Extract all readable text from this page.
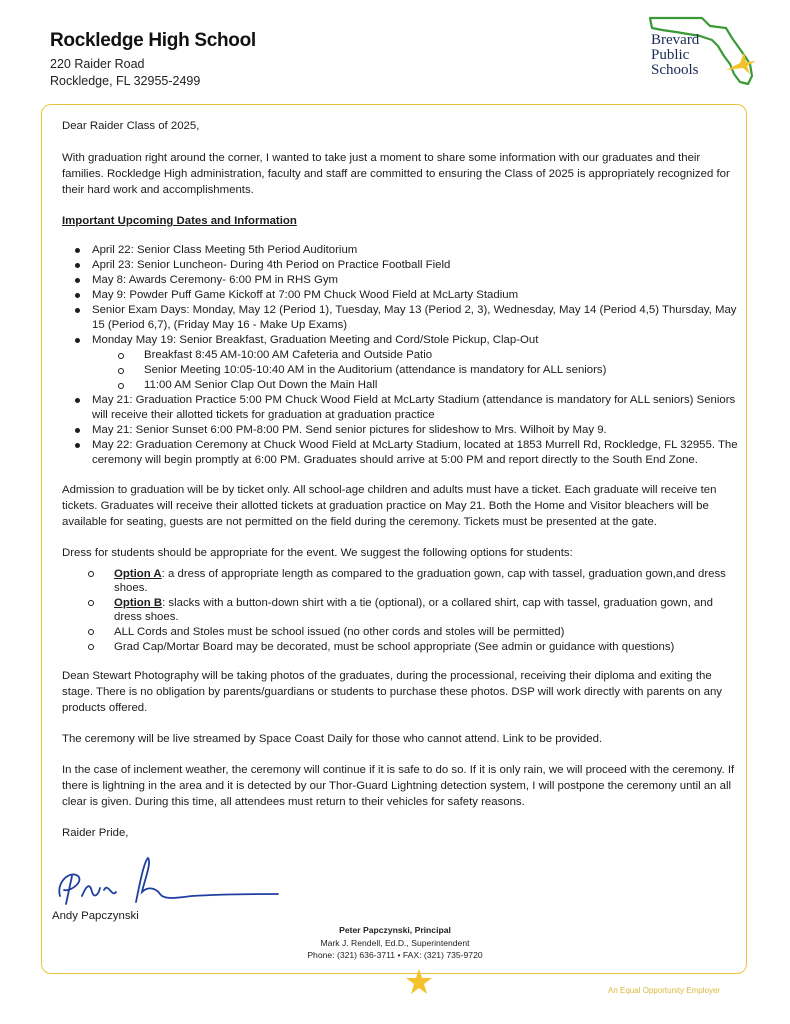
Rockledge High School
220 Raider Road
Rockledge, FL 32955-2499
Brevard
Public
Schools

Dear Raider Class of 2025,

With graduation right around the corner, I wanted to take just a moment to share some information with our graduates and their families. Rockledge High administration, faculty and staff are committed to ensuring the Class of 2025 is appropriately recognized for their hard work and accomplishments.

Important Upcoming Dates and Information

April 22: Senior Class Meeting 5th Period Auditorium
April 23: Senior Luncheon- During 4th Period on Practice Football Field
May 8: Awards Ceremony- 6:00 PM in RHS Gym
May 9: Powder Puff Game Kickoff at 7:00 PM Chuck Wood Field at McLarty Stadium
Senior Exam Days: Monday, May 12 (Period 1), Tuesday, May 13 (Period 2, 3), Wednesday, May 14 (Period 4,5) Thursday, May 15 (Period 6,7), (Friday May 16 - Make Up Exams)
Monday May 19: Senior Breakfast, Graduation Meeting and Cord/Stole Pickup, Clap-Out
Breakfast 8:45 AM-10:00 AM Cafeteria and Outside Patio
Senior Meeting 10:05-10:40 AM in the Auditorium (attendance is mandatory for ALL seniors)
11:00 AM Senior Clap Out Down the Main Hall
May 21: Graduation Practice 5:00 PM Chuck Wood Field at McLarty Stadium (attendance is mandatory for ALL seniors) Seniors will receive their allotted tickets for graduation at graduation practice
May 21: Senior Sunset 6:00 PM-8:00 PM. Send senior pictures for slideshow to Mrs. Wilhoit by May 9.
May 22: Graduation Ceremony at Chuck Wood Field at McLarty Stadium, located at 1853 Murrell Rd, Rockledge, FL 32955. The ceremony will begin promptly at 6:00 PM. Graduates should arrive at 5:00 PM and report directly to the South End Zone.

Admission to graduation will be by ticket only. All school-age children and adults must have a ticket. Each graduate will receive ten tickets. Graduates will receive their allotted tickets at graduation practice on May 21. Both the Home and Visitor bleachers will be available for seating, guests are not permitted on the field during the ceremony. Tickets must be presented at the gate.

Dress for students should be appropriate for the event. We suggest the following options for students:

Option A: a dress of appropriate length as compared to the graduation gown, cap with tassel, graduation gown,and dress shoes.
Option B: slacks with a button-down shirt with a tie (optional), or a collared shirt, cap with tassel, graduation gown, and dress shoes.
ALL Cords and Stoles must be school issued (no other cords and stoles will be permitted)
Grad Cap/Mortar Board may be decorated, must be school appropriate (See admin or guidance with questions)

Dean Stewart Photography will be taking photos of the graduates, during the processional, receiving their diploma and exiting the stage. There is no obligation by parents/guardians or students to purchase these photos. DSP will work directly with parents on any products offered.

The ceremony will be live streamed by Space Coast Daily for those who cannot attend. Link to be provided.

In the case of inclement weather, the ceremony will continue if it is safe to do so. If it is only rain, we will proceed with the ceremony. If there is lightning in the area and it is detected by our Thor-Guard Lightning detection system, I will postpone the ceremony until an all clear is given. During this time, all attendees must return to their vehicles for safety reasons.

Raider Pride,

Andy Papczynski
Peter Papczynski, Principal
Mark J. Rendell, Ed.D., Superintendent
Phone: (321) 636-3711 • FAX: (321) 735-9720
An Equal Opportunity Employer
